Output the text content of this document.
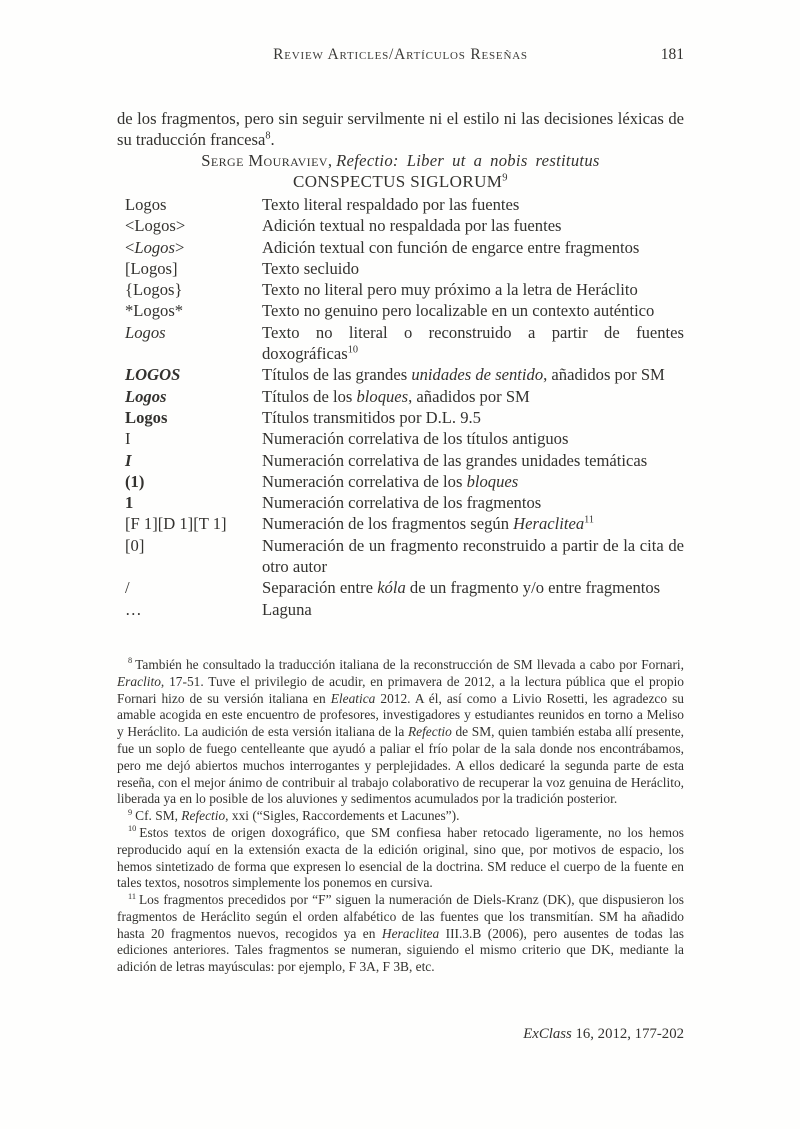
Review Articles/Artículos Reseñas	181

de los fragmentos, pero sin seguir servilmente ni el estilo ni las decisiones léxicas de su traducción francesa$^8$.

Serge Mouraviev, Refectio: Liber ut a nobis restitutus

CONSPECTUS SIGLORUM$^9$
Logos	Texto literal respaldado por las fuentes
<Logos>	Adición textual no respaldada por las fuentes
<Logos>	Adición textual con función de engarce entre fragmentos
[Logos]	Texto secluido
{Logos}	Texto no literal pero muy próximo a la letra de Heráclito
*Logos*	Texto no genuino pero localizable en un contexto auténtico
Logos	Texto no literal o reconstruido a partir de fuentes doxográficas$^{10}$
LOGOS	Títulos de las grandes unidades de sentido, añadidos por SM
Logos	Títulos de los bloques, añadidos por SM
Logos	Títulos transmitidos por D.L. 9.5
I	Numeración correlativa de los títulos antiguos
I	Numeración correlativa de las grandes unidades temáticas
(1)	Numeración correlativa de los bloques
1	Numeración correlativa de los fragmentos
[F 1][D 1][T 1]	Numeración de los fragmentos según Heraclitea$^{11}$
[0]	Numeración de un fragmento reconstruido a partir de la cita de otro autor
/	Separación entre kóla de un fragmento y/o entre fragmentos
…	Laguna

$^8$ También he consultado la traducción italiana de la reconstrucción de SM llevada a cabo por Fornari, Eraclito, 17-51. Tuve el privilegio de acudir, en primavera de 2012, a la lectura pública que el propio Fornari hizo de su versión italiana en Eleatica 2012. A él, así como a Livio Rosetti, les agradezco su amable acogida en este encuentro de profesores, investigadores y estudiantes reunidos en torno a Meliso y Heráclito. La audición de esta versión italiana de la Refectio de SM, quien también estaba allí presente, fue un soplo de fuego centelleante que ayudó a paliar el frío polar de la sala donde nos encontrábamos, pero me dejó abiertos muchos interrogantes y perplejidades. A ellos dedicaré la segunda parte de esta reseña, con el mejor ánimo de contribuir al trabajo colaborativo de recuperar la voz genuina de Heráclito, liberada ya en lo posible de los aluviones y sedimentos acumulados por la tradición posterior.

$^9$ Cf. SM, Refectio, xxi (“Sigles, Raccordements et Lacunes”).

$^{10}$ Estos textos de origen doxográfico, que SM confiesa haber retocado ligeramente, no los hemos reproducido aquí en la extensión exacta de la edición original, sino que, por motivos de espacio, los hemos sintetizado de forma que expresen lo esencial de la doctrina. SM reduce el cuerpo de la fuente en tales textos, nosotros simplemente los ponemos en cursiva.

$^{11}$ Los fragmentos precedidos por “F” siguen la numeración de Diels-Kranz (DK), que dispusieron los fragmentos de Heráclito según el orden alfabético de las fuentes que los transmitían. SM ha añadido hasta 20 fragmentos nuevos, recogidos ya en Heraclitea III.3.B (2006), pero ausentes de todas las ediciones anteriores. Tales fragmentos se numeran, siguiendo el mismo criterio que DK, mediante la adición de letras mayúsculas: por ejemplo, F 3A, F 3B, etc.

ExClass 16, 2012, 177-202
